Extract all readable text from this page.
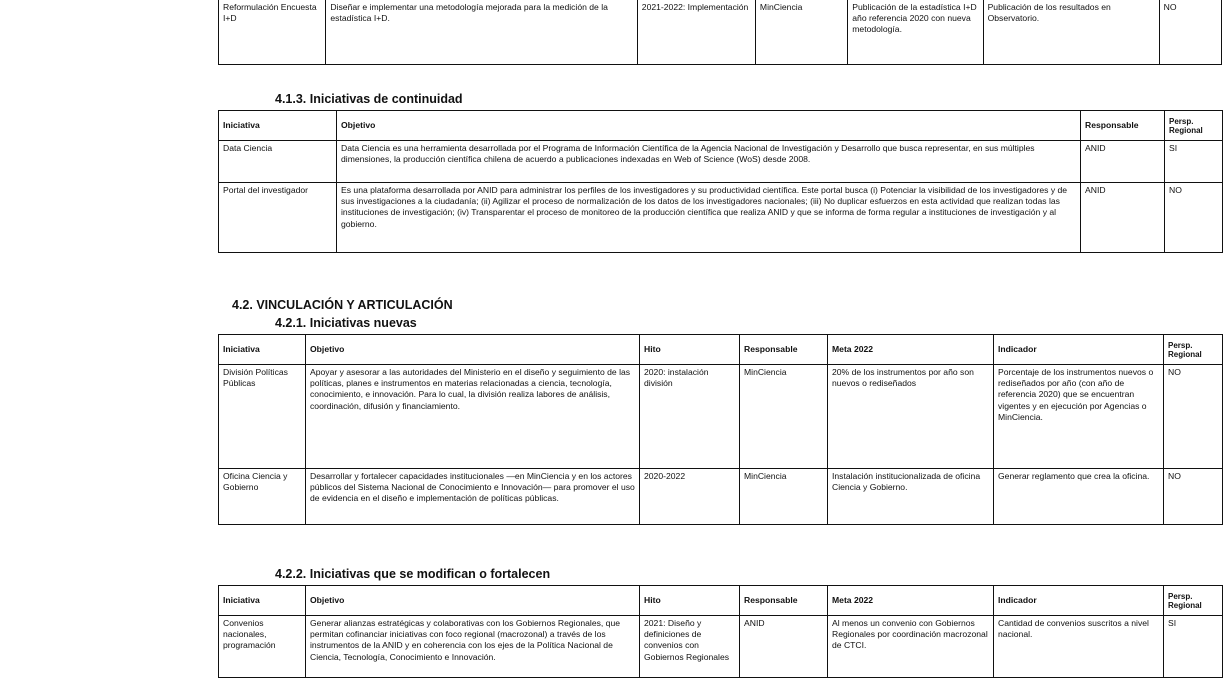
Reformulación Encuesta I+D	Diseñar e implementar una metodología mejorada para la medición de la estadística I+D.	2021-2022: Implementación	MinCiencia	Publicación de la estadística I+D año referencia 2020 con nueva metodología.	Publicación de los resultados en Observatorio.	NO
4.1.3. Iniciativas de continuidad
Iniciativa	Objetivo	Responsable	Persp. Regional
Data Ciencia	Data Ciencia es una herramienta desarrollada por el Programa de Información Científica de la Agencia Nacional de Investigación y Desarrollo que busca representar, en sus múltiples dimensiones, la producción científica chilena de acuerdo a publicaciones indexadas en Web of Science (WoS) desde 2008.	ANID	SI
Portal del investigador	Es una plataforma desarrollada por ANID para administrar los perfiles de los investigadores y su productividad científica. Este portal busca (i) Potenciar la visibilidad de los investigadores y de sus investigaciones a la ciudadanía; (ii) Agilizar el proceso de normalización de los datos de los investigadores nacionales; (iii) No duplicar esfuerzos en esta actividad que realizan todas las instituciones de investigación; (iv) Transparentar el proceso de monitoreo de la producción científica que realiza ANID y que se informa de forma regular a instituciones de investigación y al gobierno.	ANID	NO
4.2. VINCULACIÓN Y ARTICULACIÓN
4.2.1. Iniciativas nuevas
Iniciativa	Objetivo	Hito	Responsable	Meta 2022	Indicador	Persp. Regional
División Políticas Públicas	Apoyar y asesorar a las autoridades del Ministerio en el diseño y seguimiento de las políticas, planes e instrumentos en materias relacionadas a ciencia, tecnología, conocimiento, e innovación. Para lo cual, la división realiza labores de análisis, coordinación, difusión y financiamiento.	2020: instalación división	MinCiencia	20% de los instrumentos por año son nuevos o rediseñados	Porcentaje de los instrumentos nuevos o rediseñados por año (con año de referencia 2020) que se encuentran vigentes y en ejecución por Agencias o MinCiencia.	NO
Oficina Ciencia y Gobierno	Desarrollar y fortalecer capacidades institucionales —en MinCiencia y en los actores públicos del Sistema Nacional de Conocimiento e Innovación— para promover el uso de evidencia en el diseño e implementación de políticas públicas.	2020-2022	MinCiencia	Instalación institucionalizada de oficina Ciencia y Gobierno.	Generar reglamento que crea la oficina.	NO
4.2.2. Iniciativas que se modifican o fortalecen
Iniciativa	Objetivo	Hito	Responsable	Meta 2022	Indicador	Persp. Regional
Convenios nacionales, programación	Generar alianzas estratégicas y colaborativas con los Gobiernos Regionales, que permitan cofinanciar iniciativas con foco regional (macrozonal) a través de los instrumentos de la ANID y en coherencia con los ejes de la Política Nacional de Ciencia, Tecnología, Conocimiento e Innovación.	2021: Diseño y definiciones de convenios con Gobiernos Regionales	ANID	Al menos un convenio con Gobiernos Regionales por coordinación macrozonal de CTCI.	Cantidad de convenios suscritos a nivel nacional.	SI
